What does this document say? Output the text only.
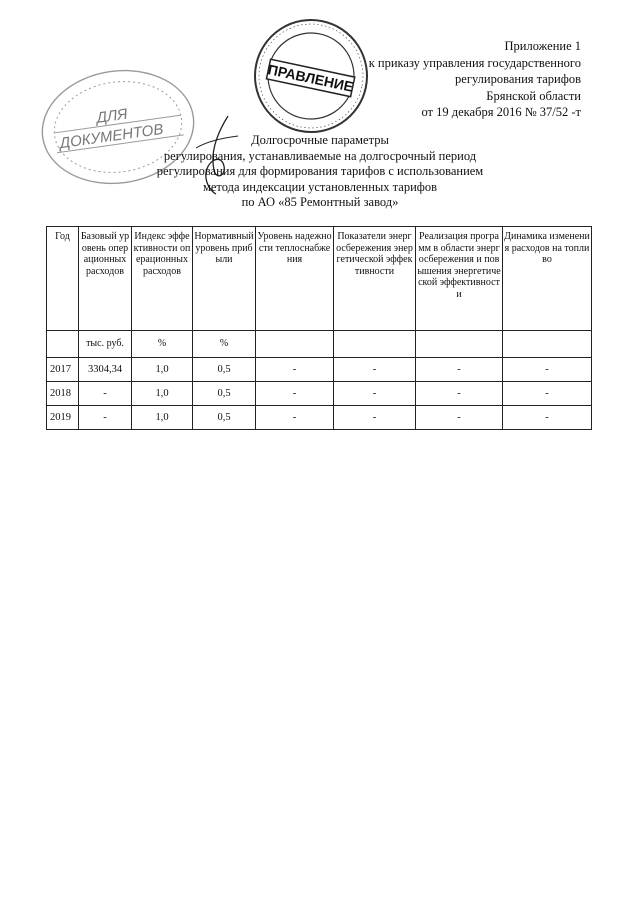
ДЛЯ
ДОКУМЕНТОВ
ПРАВЛЕНИЕ
Приложение 1
к приказу управления государственного
регулирования тарифов
Брянской области
от 19 декабря 2016 № 37/52 -т
Долгосрочные параметры
регулирования, устанавливаемые на долгосрочный период
регулирования для формирования тарифов с использованием
метода индексации установленных тарифов
по АО «85 Ремонтный завод»
Год	Базовый уровень операционных расходов	Индекс эффективности операционных расходов	Нормативный уровень прибыли	Уровень надежности теплоснабжения	Показатели энергосбережения энергетической эффективности	Реализация программ в области энергосбережения и повышения энергетической эффективности	Динамика изменения расходов на топливо
	тыс. руб.	%	%				
2017	3304,34	1,0	0,5	-	-	-	-
2018	-	1,0	0,5	-	-	-	-
2019	-	1,0	0,5	-	-	-	-
